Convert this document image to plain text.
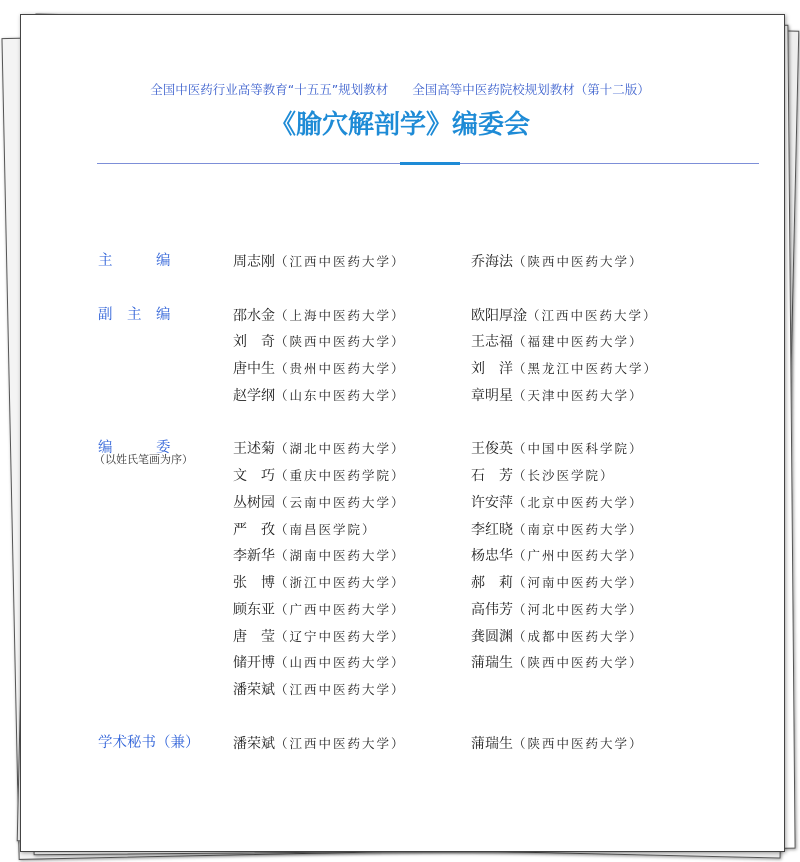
全国中医药行业高等教育“十五五”规划教材 全国高等中医药院校规划教材（第十二版）
《腧穴解剖学》编委会
主　　　编	周志刚（江西中医药大学）	乔海法（陕西中医药大学）
副　主　编	邵水金（上海中医药大学）	欧阳厚淦（江西中医药大学）
刘　奇（陕西中医药大学）	王志福（福建中医药大学）
唐中生（贵州中医药大学）	刘　洋（黑龙江中医药大学）
赵学纲（山东中医药大学）	章明星（天津中医药大学）
编　　　委
（以姓氏笔画为序）
王述菊（湖北中医药大学）	王俊英（中国中医科学院）
文　巧（重庆中医药学院）	石　芳（长沙医学院）
丛树园（云南中医药大学）	许安萍（北京中医药大学）
严　孜（南昌医学院）	李红晓（南京中医药大学）
李新华（湖南中医药大学）	杨忠华（广州中医药大学）
张　博（浙江中医药大学）	郝　莉（河南中医药大学）
顾东亚（广西中医药大学）	高伟芳（河北中医药大学）
唐　莹（辽宁中医药大学）	龚圆渊（成都中医药大学）
储开博（山西中医药大学）	蒲瑞生（陕西中医药大学）
潘荣斌（江西中医药大学）
学术秘书（兼） 潘荣斌（江西中医药大学）	蒲瑞生（陕西中医药大学）
